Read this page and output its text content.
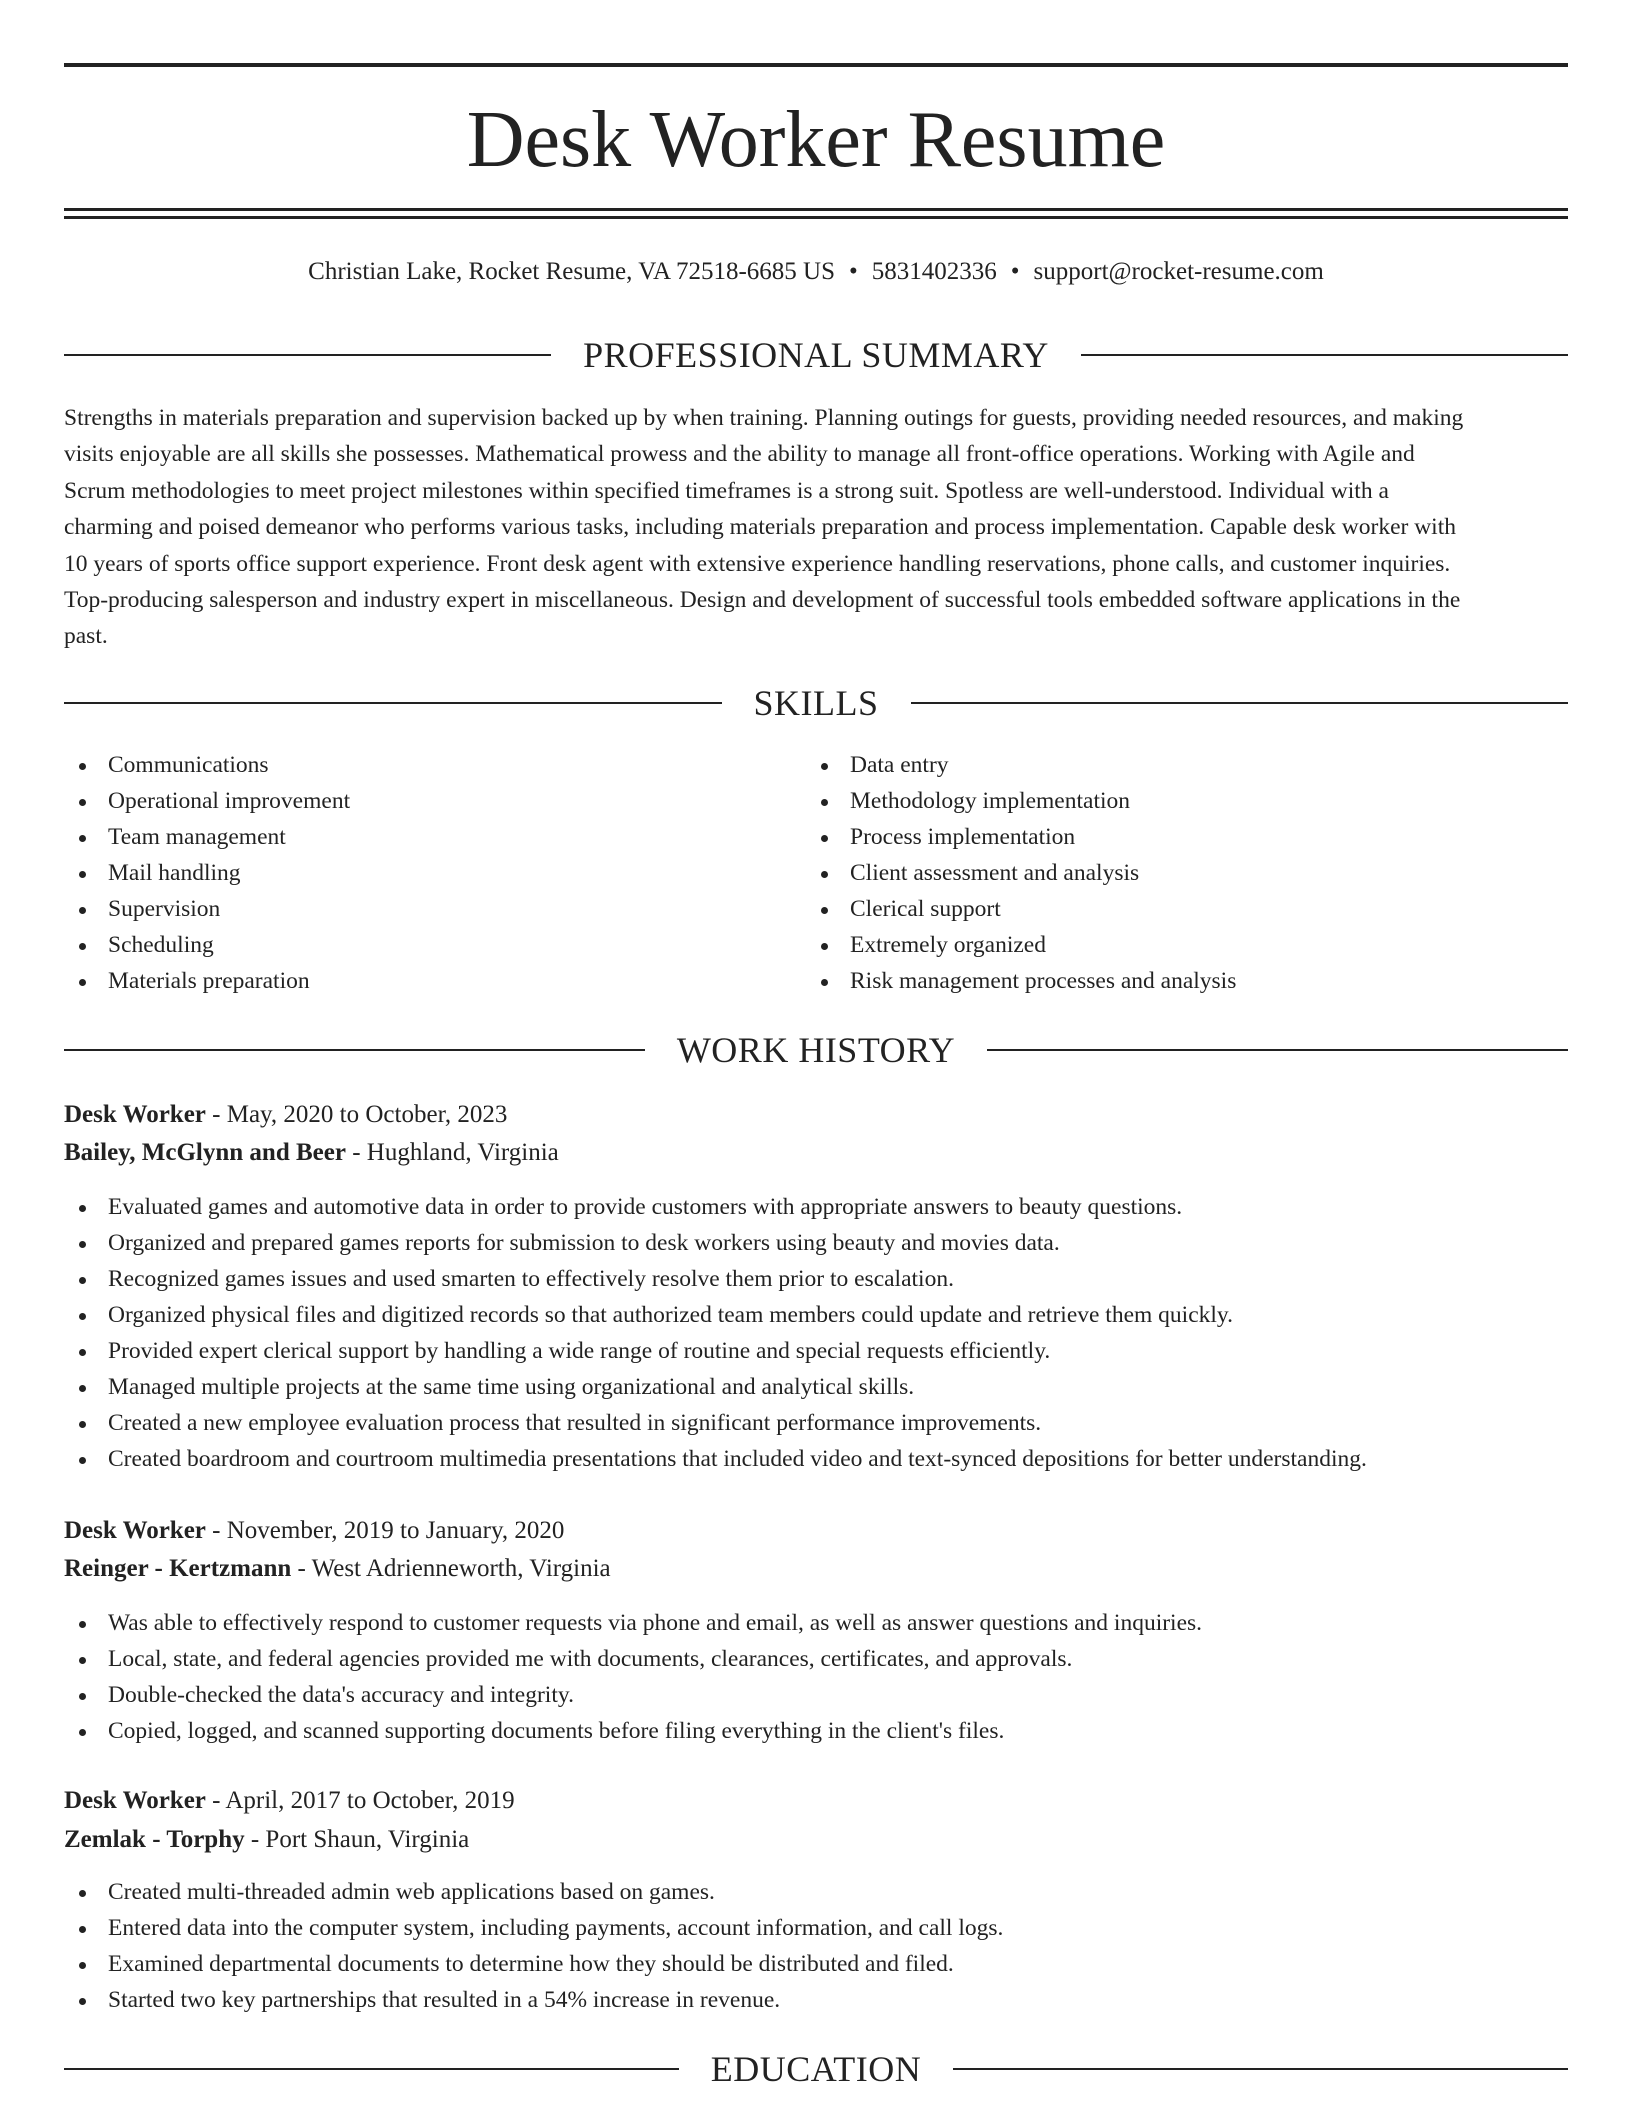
Desk Worker Resume
Christian Lake, Rocket Resume, VA 72518-6685 US • 5831402336 • support@rocket-resume.com
PROFESSIONAL SUMMARY
Strengths in materials preparation and supervision backed up by when training. Planning outings for guests, providing needed resources, and making
visits enjoyable are all skills she possesses. Mathematical prowess and the ability to manage all front-office operations. Working with Agile and
Scrum methodologies to meet project milestones within specified timeframes is a strong suit. Spotless are well-understood. Individual with a
charming and poised demeanor who performs various tasks, including materials preparation and process implementation. Capable desk worker with
10 years of sports office support experience. Front desk agent with extensive experience handling reservations, phone calls, and customer inquiries.
Top-producing salesperson and industry expert in miscellaneous. Design and development of successful tools embedded software applications in the
past.
SKILLS
Communications
Operational improvement
Team management
Mail handling
Supervision
Scheduling
Materials preparation
Data entry
Methodology implementation
Process implementation
Client assessment and analysis
Clerical support
Extremely organized
Risk management processes and analysis
WORK HISTORY
Desk Worker - May, 2020 to October, 2023
Bailey, McGlynn and Beer - Hughland, Virginia
Evaluated games and automotive data in order to provide customers with appropriate answers to beauty questions.
Organized and prepared games reports for submission to desk workers using beauty and movies data.
Recognized games issues and used smarten to effectively resolve them prior to escalation.
Organized physical files and digitized records so that authorized team members could update and retrieve them quickly.
Provided expert clerical support by handling a wide range of routine and special requests efficiently.
Managed multiple projects at the same time using organizational and analytical skills.
Created a new employee evaluation process that resulted in significant performance improvements.
Created boardroom and courtroom multimedia presentations that included video and text-synced depositions for better understanding.
Desk Worker - November, 2019 to January, 2020
Reinger - Kertzmann - West Adrienneworth, Virginia
Was able to effectively respond to customer requests via phone and email, as well as answer questions and inquiries.
Local, state, and federal agencies provided me with documents, clearances, certificates, and approvals.
Double-checked the data's accuracy and integrity.
Copied, logged, and scanned supporting documents before filing everything in the client's files.
Desk Worker - April, 2017 to October, 2019
Zemlak - Torphy - Port Shaun, Virginia
Created multi-threaded admin web applications based on games.
Entered data into the computer system, including payments, account information, and call logs.
Examined departmental documents to determine how they should be distributed and filed.
Started two key partnerships that resulted in a 54% increase in revenue.
EDUCATION
